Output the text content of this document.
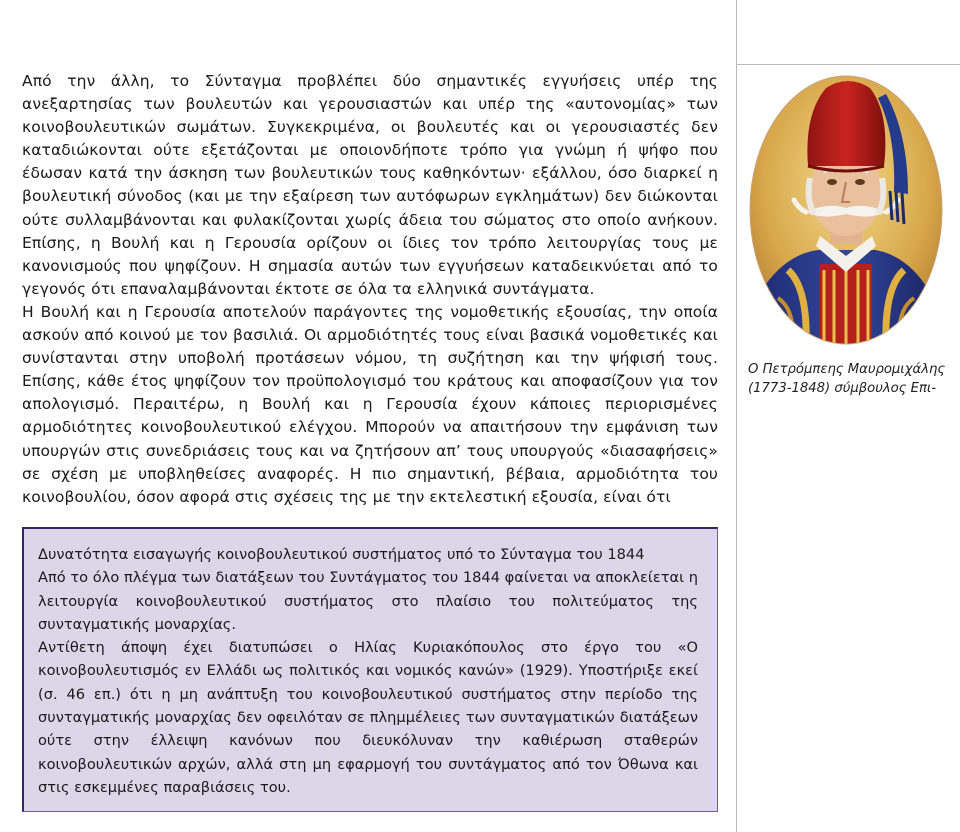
Από την άλλη, το Σύνταγμα προβλέπει δύο σημαντικές εγγυήσεις υπέρ της ανεξαρτησίας των βουλευτών και γερουσιαστών και υπέρ της «αυτονομίας» των κοινοβουλευτικών σωμάτων. Συγκεκριμένα, οι βουλευτές και οι γερουσιαστές δεν καταδιώκονται ούτε εξετάζονται με οποιονδήποτε τρόπο για γνώμη ή ψήφο που έδωσαν κατά την άσκηση των βουλευτικών τους καθηκόντων· εξάλλου, όσο διαρκεί η βουλευτική σύνοδος (και με την εξαίρεση των αυτόφωρων εγκλημάτων) δεν διώκονται ούτε συλλαμβάνονται και φυλακίζονται χωρίς άδεια του σώματος στο οποίο ανήκουν. Επίσης, η Βουλή και η Γερουσία ορίζουν οι ίδιες τον τρόπο λειτουργίας τους με κανονισμούς που ψηφίζουν. Η σημασία αυτών των εγγυήσεων καταδεικνύεται από το γεγονός ότι επαναλαμβάνονται έκτοτε σε όλα τα ελληνικά συντάγματα.

Η Βουλή και η Γερουσία αποτελούν παράγοντες της νομοθετικής εξουσίας, την οποία ασκούν από κοινού με τον βασιλιά. Οι αρμοδιότητές τους είναι βασικά νομοθετικές και συνίστανται στην υποβολή προτάσεων νόμου, τη συζήτηση και την ψήφισή τους. Επίσης, κάθε έτος ψηφίζουν τον προϋπολογισμό του κράτους και αποφασίζουν για τον απολογισμό. Περαιτέρω, η Βουλή και η Γερουσία έχουν κάποιες περιορισμένες αρμοδιότητες κοινοβουλευτικού ελέγχου. Μπορούν να απαιτήσουν την εμφάνιση των υπουργών στις συνεδριάσεις τους και να ζητήσουν απ’ τους υπουργούς «διασαφήσεις» σε σχέση με υποβληθείσες αναφορές. Η πιο σημαντική, βέβαια, αρμοδιότητα του κοινοβουλίου, όσον αφορά στις σχέσεις της με την εκτελεστική εξουσία, είναι ότι

Ο Πετρόμπεης Μαυρομιχάλης (1773-1848) σύμβουλος Επι-

Δυνατότητα εισαγωγής κοινοβουλευτικού συστήματος υπό το Σύνταγμα του 1844

Από το όλο πλέγμα των διατάξεων του Συντάγματος του 1844 φαίνεται να αποκλείεται η λειτουργία κοινοβουλευτικού συστήματος στο πλαίσιο του πολιτεύματος της συνταγματικής μοναρχίας.

Αντίθετη άποψη έχει διατυπώσει ο Ηλίας Κυριακόπουλος στο έργο του «Ο κοινοβουλευτισμός εν Ελλάδι ως πολιτικός και νομικός κανών» (1929). Υποστήριξε εκεί (σ. 46 επ.) ότι η μη ανάπτυξη του κοινοβουλευτικού συστήματος στην περίοδο της συνταγματικής μοναρχίας δεν οφειλόταν σε πλημμέλειες των συνταγματικών διατάξεων ούτε στην έλλειψη κανόνων που διευκόλυναν την καθιέρωση σταθερών κοινοβουλευτικών αρχών, αλλά στη μη εφαρμογή του συντάγματος από τον Όθωνα και στις εσκεμμένες παραβιάσεις του.
